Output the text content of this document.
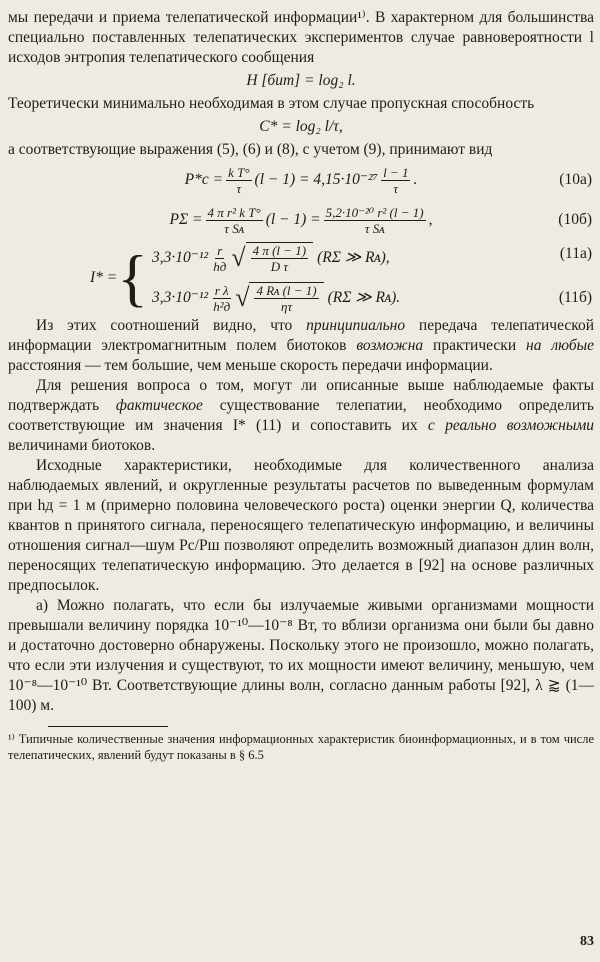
мы передачи и приема телепатической информации¹⁾. В характерном для большинства специально поставленных телепатических экспериментов случае равновероятности l исходов энтропия телепатического сообщения

H [бит] = log₂ l.

Теоретически минимально необходимая в этом случае пропускная способность

C* = log₂ l/τ,

а соответствующие выражения (5), (6) и (8), с учетом (9), принимают вид

$P*c = \frac{\text{k T°}}{\tau} (l - 1) = 4,15\cdot 10^{-27} \frac{l - 1}{\tau}$ .	(10а)
$P\Sigma = \frac{\text{4 π r² k T°}}{\text{τ Sᴀ}} (l - 1) = \frac{\text{5,2·10⁻²⁰ r² (l − 1)}}{\text{τ Sᴀ}}$ ,	(10б)
I* = { $3,3\cdot 10^{-12} \frac{r}{hд}$ √ $\frac{4 \pi (l - 1)}{\text{D τ}} (R\Sigma$ ≫ Rᴀ),
$3,3\cdot 10^{-12} \frac{\text{r λ}}{\text{h²д}}$ √ $\frac{\text{4 Rᴀ (l − 1)}}{\eta\tau} (R\Sigma$ ≫ Rᴀ).
(11а)
(11б)

Из этих соотношений видно, что принципиально передача телепатической информации электромагнитным полем биотоков возможна практически на любые расстояния — тем большие, чем меньше скорость передачи информации.

Для решения вопроса о том, могут ли описанные выше наблюдаемые факты подтверждать фактическое существование телепатии, необходимо определить соответствующие им значения I* (11) и сопоставить их с реально возможными величинами биотоков.

Исходные характеристики, необходимые для количественного анализа наблюдаемых явлений, и округленные результаты расчетов по выведенным формулам при hд = 1 м (примерно половина человеческого роста) оценки энергии Q, количества квантов n принятого сигнала, переносящего телепатическую информацию, и величины отношения сигнал—шум Pc/Pш позволяют определить возможный диапазон длин волн, переносящих телепатическую информацию. Это делается в [92] на основе различных предпосылок.

а) Можно полагать, что если бы излучаемые живыми организмами мощности превышали величину порядка 10⁻¹⁰—10⁻⁸ Вт, то вблизи организма они были бы давно и достаточно достоверно обнаружены. Поскольку этого не произошло, можно полагать, что если эти излучения и существуют, то их мощности имеют величину, меньшую, чем 10⁻⁸—10⁻¹⁰ Вт. Соответствующие длины волн, согласно данным работы [92], λ ⪆ (1—100) м.

¹⁾ Типичные количественные значения информационных характеристик биоинформационных, и в том числе телепатических, явлений будут показаны в § 6.5

83
